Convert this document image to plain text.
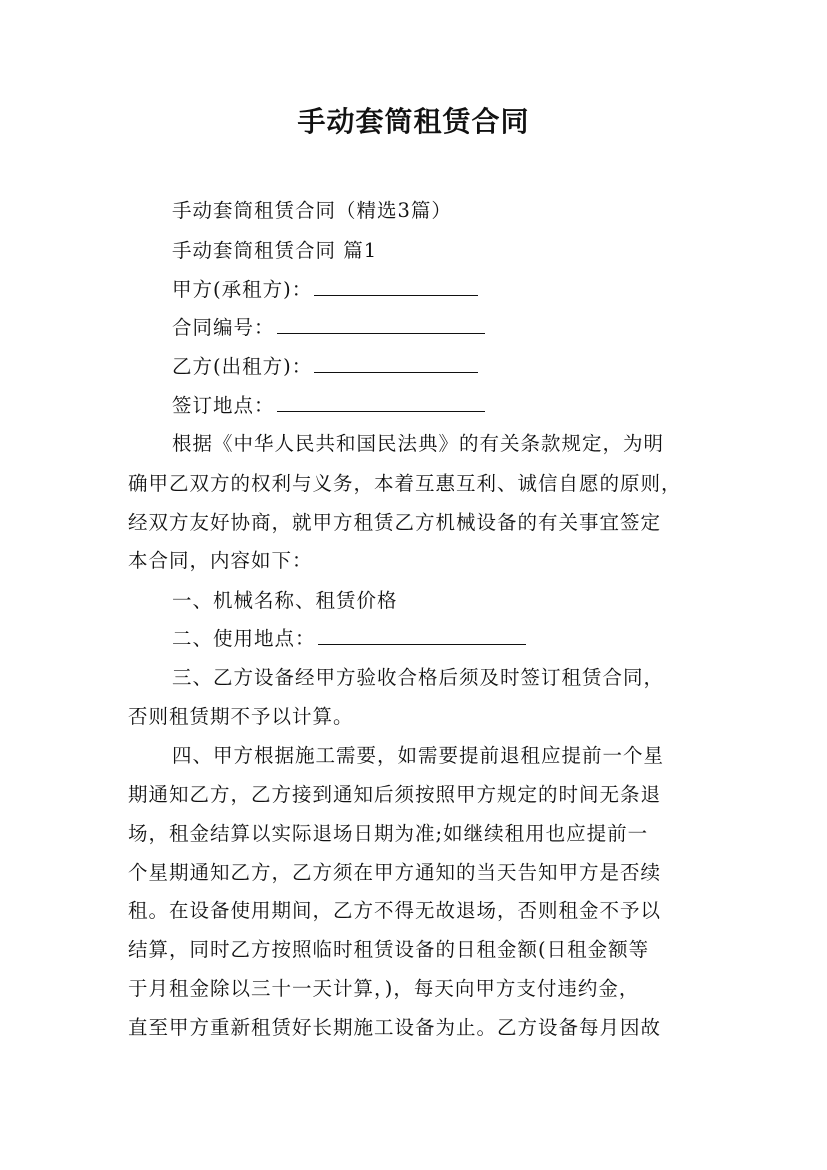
手动套筒租赁合同
手动套筒租赁合同（精选3篇）
手动套筒租赁合同 篇1
甲方(承租方)：
合同编号：
乙方(出租方)：
签订地点：
根据《中华人民共和国民法典》的有关条款规定，为明
确甲乙双方的权利与义务，本着互惠互利、诚信自愿的原则，
经双方友好协商，就甲方租赁乙方机械设备的有关事宜签定
本合同，内容如下：
一、机械名称、租赁价格
二、使用地点：
三、乙方设备经甲方验收合格后须及时签订租赁合同，
否则租赁期不予以计算。
四、甲方根据施工需要，如需要提前退租应提前一个星
期通知乙方，乙方接到通知后须按照甲方规定的时间无条退
场，租金结算以实际退场日期为准;如继续租用也应提前一
个星期通知乙方，乙方须在甲方通知的当天告知甲方是否续
租。在设备使用期间，乙方不得无故退场，否则租金不予以
结算，同时乙方按照临时租赁设备的日租金额(日租金额等
于月租金除以三十一天计算，)，每天向甲方支付违约金，
直至甲方重新租赁好长期施工设备为止。乙方设备每月因故
